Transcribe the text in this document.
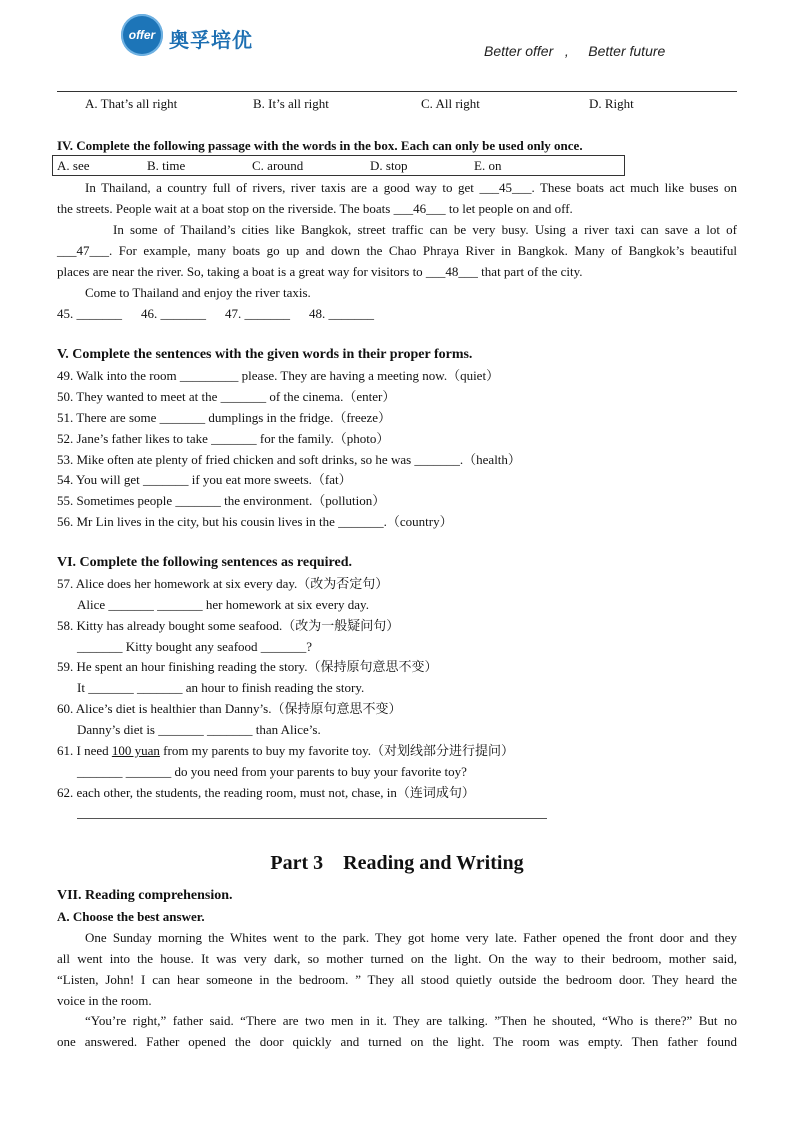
offer 奥孚培优	Better offer   ,     Better future
A. That’s all right	B. It’s all right	C. All right	D. Right
IV. Complete the following passage with the words in the box. Each can only be used only once.
A. see	B. time	C. around	D. stop	E. on
In Thailand, a country full of rivers, river taxis are a good way to get ___45___. These boats act much like buses on
the streets. People wait at a boat stop on the riverside. The boats ___46___ to let people on and off.
In some of Thailand’s cities like Bangkok, street traffic can be very busy. Using a river taxi can save a lot of
___47___. For example, many boats go up and down the Chao Phraya River in Bangkok. Many of Bangkok’s beautiful
places are near the river. So, taking a boat is a great way for visitors to ___48___ that part of the city.
Come to Thailand and enjoy the river taxis.
45. _______ 46. _______ 47. _______ 48. _______
V. Complete the sentences with the given words in their proper forms.
49. Walk into the room _________ please. They are having a meeting now.（quiet）
50. They wanted to meet at the _______ of the cinema.（enter）
51. There are some _______ dumplings in the fridge.（freeze）
52. Jane’s father likes to take _______ for the family.（photo）
53. Mike often ate plenty of fried chicken and soft drinks, so he was _______.（health）
54. You will get _______ if you eat more sweets.（fat）
55. Sometimes people _______ the environment.（pollution）
56. Mr Lin lives in the city, but his cousin lives in the _______.（country）
VI. Complete the following sentences as required.
57. Alice does her homework at six every day.（改为否定句）
Alice _______ _______ her homework at six every day.
58. Kitty has already bought some seafood.（改为一般疑问句）
_______ Kitty bought any seafood _______?
59. He spent an hour finishing reading the story.（保持原句意思不变）
It _______ _______ an hour to finish reading the story.
60. Alice’s diet is healthier than Danny’s.（保持原句意思不变）
Danny’s diet is _______ _______ than Alice’s.
61. I need 100 yuan from my parents to buy my favorite toy.（对划线部分进行提问）
_______ _______ do you need from your parents to buy your favorite toy?
62. each other, the students, the reading room, must not, chase, in（连词成句）
Part 3    Reading and Writing
VII. Reading comprehension.
A. Choose the best answer.
One Sunday morning the Whites went to the park. They got home very late. Father opened the front door and they
all went into the house. It was very dark, so mother turned on the light. On the way to their bedroom, mother said,
“Listen, John! I can hear someone in the bedroom. ” They all stood quietly outside the bedroom door. They heard the
voice in the room.
“You’re right,” father said. “There are two men in it. They are talking. ”Then he shouted, “Who is there?” But no
one answered. Father opened the door quickly and turned on the light. The room was empty. Then father found
